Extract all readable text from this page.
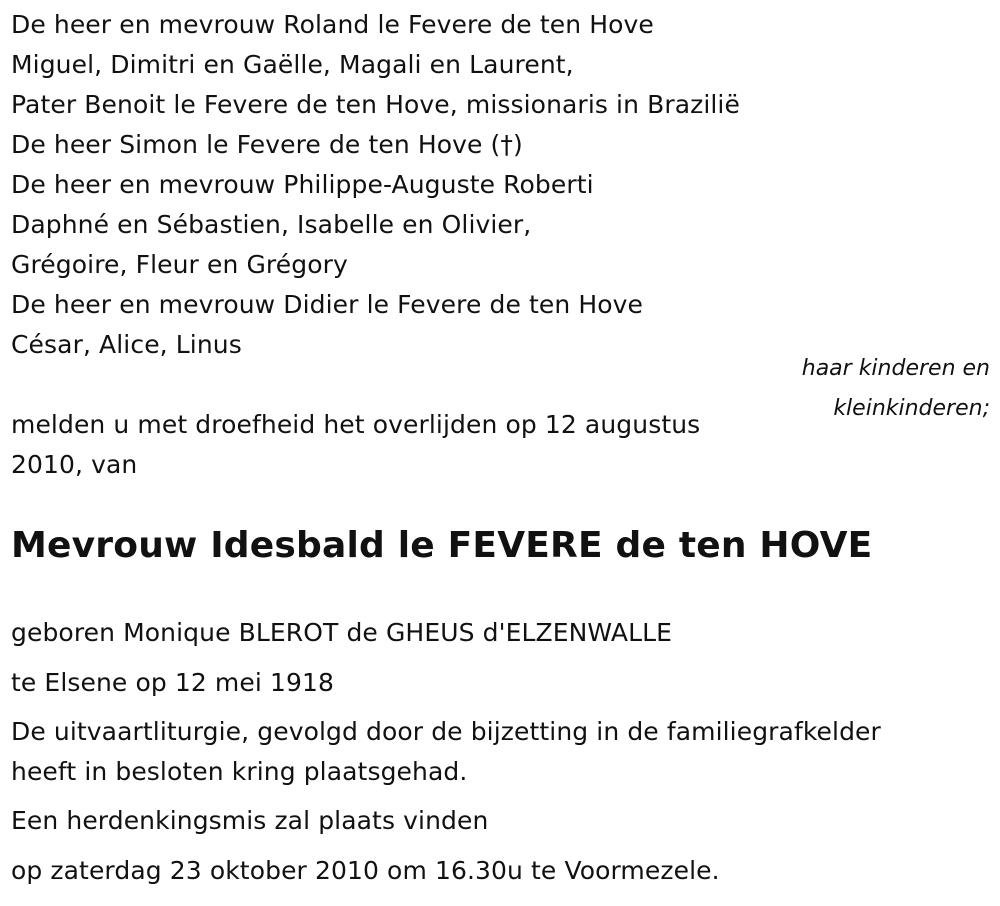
De heer en mevrouw Roland le Fevere de ten Hove
Miguel, Dimitri en Gaëlle, Magali en Laurent,
Pater Benoit le Fevere de ten Hove, missionaris in Brazilië
De heer Simon le Fevere de ten Hove (†)
De heer en mevrouw Philippe-Auguste Roberti
Daphné en Sébastien, Isabelle en Olivier,
Grégoire, Fleur en Grégory
De heer en mevrouw Didier le Fevere de ten Hove
César, Alice, Linus
haar kinderen en
kleinkinderen;
melden u met droefheid het overlijden op 12 augustus
2010, van
Mevrouw Idesbald le FEVERE de ten HOVE
geboren Monique BLEROT de GHEUS d'ELZENWALLE
te Elsene op 12 mei 1918
De uitvaartliturgie, gevolgd door de bijzetting in de familiegrafkelder
heeft in besloten kring plaatsgehad.
Een herdenkingsmis zal plaats vinden
op zaterdag 23 oktober 2010 om 16.30u te Voormezele.
